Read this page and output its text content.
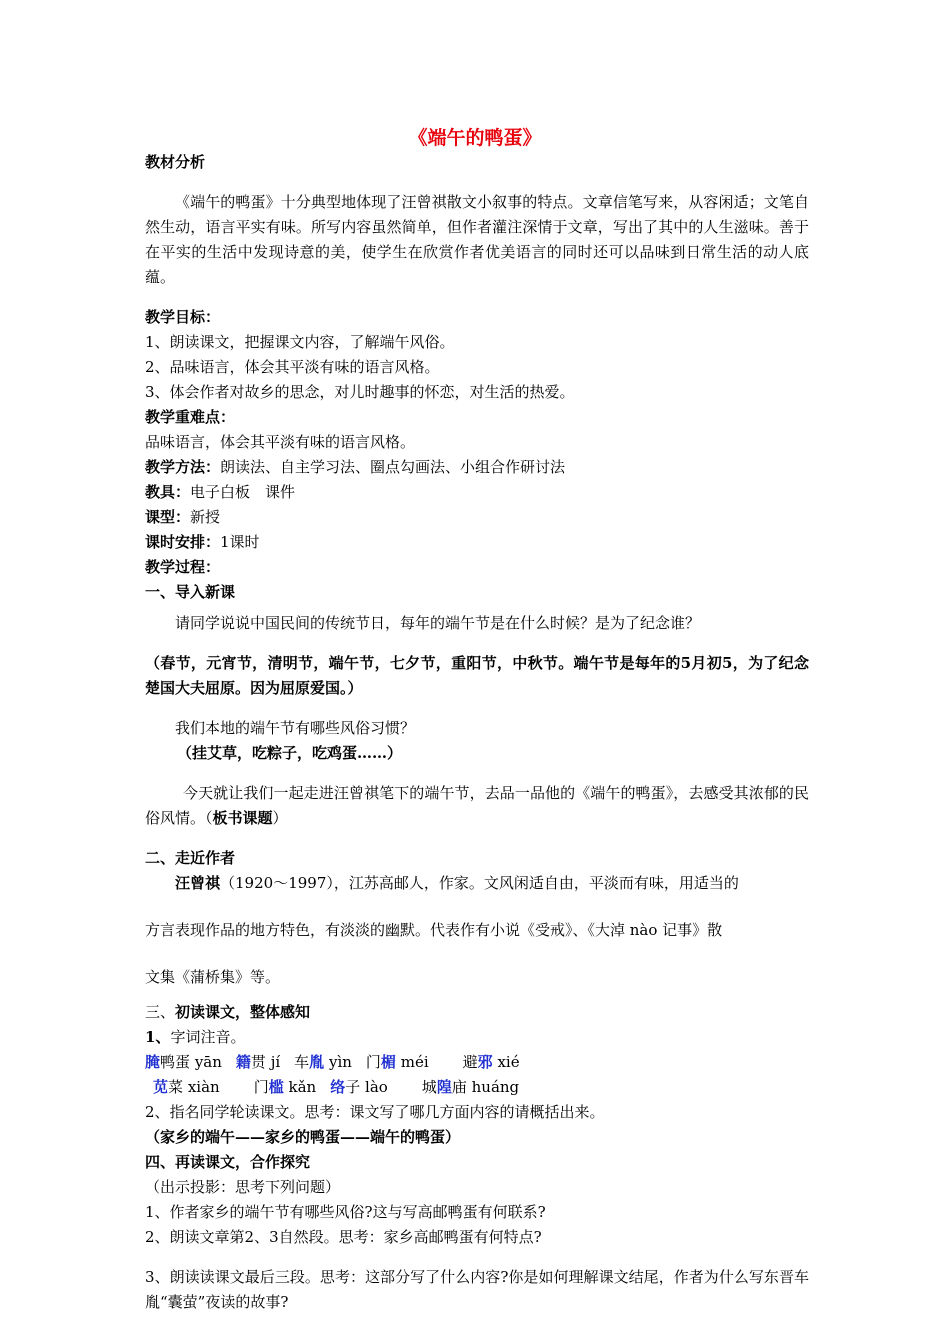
《端午的鸭蛋》

教材分析

《端午的鸭蛋》十分典型地体现了汪曾祺散文小叙事的特点。文章信笔写来，从容闲适；文笔自然生动，语言平实有味。所写内容虽然简单，但作者灌注深情于文章，写出了其中的人生滋味。善于在平实的生活中发现诗意的美，使学生在欣赏作者优美语言的同时还可以品味到日常生活的动人底蕴。

教学目标：

1、朗读课文，把握课文内容，了解端午风俗。

2、品味语言，体会其平淡有味的语言风格。

3、体会作者对故乡的思念，对儿时趣事的怀恋，对生活的热爱。

教学重难点：

品味语言，体会其平淡有味的语言风格。

教学方法：朗读法、自主学习法、圈点勾画法、小组合作研讨法

教具：电子白板　课件

课型：新授

课时安排：1课时

教学过程：

一、导入新课

请同学说说中国民间的传统节日，每年的端午节是在什么时候？是为了纪念谁？

（春节，元宵节，清明节，端午节，七夕节，重阳节，中秋节。端午节是每年的5月初5，为了纪念楚国大夫屈原。因为屈原爱国。）

我们本地的端午节有哪些风俗习惯？

（挂艾草，吃粽子，吃鸡蛋……）

今天就让我们一起走进汪曾祺笔下的端午节，去品一品他的《端午的鸭蛋》，去感受其浓郁的民俗风情。（板书课题）

二、走近作者

汪曾祺（1920～1997），江苏高邮人，作家。文风闲适自由，平淡而有味，用适当的

方言表现作品的地方特色，有淡淡的幽默。代表作有小说《受戒》、《大淖 nào 记事》散

文集《蒲桥集》等。

三、初读课文，整体感知

1、字词注音。

腌鸭蛋 yān 籍贯 jí 车胤 yìn 门楣 méi 避邪 xié

苋菜 xiàn 门槛 kǎn 络子 lào 城隍庙 huáng

2、指名同学轮读课文。思考：课文写了哪几方面内容的请概括出来。

（家乡的端午——家乡的鸭蛋——端午的鸭蛋）

四、再读课文，合作探究

（出示投影：思考下列问题）

1、作者家乡的端午节有哪些风俗?这与写高邮鸭蛋有何联系?

2、朗读文章第2、3自然段。思考：家乡高邮鸭蛋有何特点?

3、朗读读课文最后三段。思考：这部分写了什么内容?你是如何理解课文结尾，作者为什么写东晋车胤“囊萤”夜读的故事?
